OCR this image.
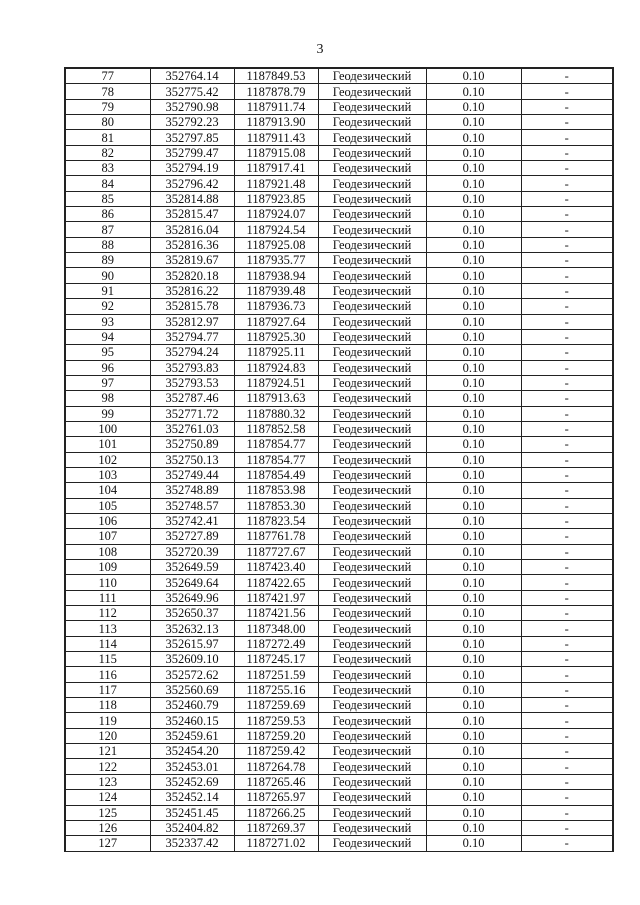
3
77	352764.14	1187849.53	Геодезический	0.10	-
78	352775.42	1187878.79	Геодезический	0.10	-
79	352790.98	1187911.74	Геодезический	0.10	-
80	352792.23	1187913.90	Геодезический	0.10	-
81	352797.85	1187911.43	Геодезический	0.10	-
82	352799.47	1187915.08	Геодезический	0.10	-
83	352794.19	1187917.41	Геодезический	0.10	-
84	352796.42	1187921.48	Геодезический	0.10	-
85	352814.88	1187923.85	Геодезический	0.10	-
86	352815.47	1187924.07	Геодезический	0.10	-
87	352816.04	1187924.54	Геодезический	0.10	-
88	352816.36	1187925.08	Геодезический	0.10	-
89	352819.67	1187935.77	Геодезический	0.10	-
90	352820.18	1187938.94	Геодезический	0.10	-
91	352816.22	1187939.48	Геодезический	0.10	-
92	352815.78	1187936.73	Геодезический	0.10	-
93	352812.97	1187927.64	Геодезический	0.10	-
94	352794.77	1187925.30	Геодезический	0.10	-
95	352794.24	1187925.11	Геодезический	0.10	-
96	352793.83	1187924.83	Геодезический	0.10	-
97	352793.53	1187924.51	Геодезический	0.10	-
98	352787.46	1187913.63	Геодезический	0.10	-
99	352771.72	1187880.32	Геодезический	0.10	-
100	352761.03	1187852.58	Геодезический	0.10	-
101	352750.89	1187854.77	Геодезический	0.10	-
102	352750.13	1187854.77	Геодезический	0.10	-
103	352749.44	1187854.49	Геодезический	0.10	-
104	352748.89	1187853.98	Геодезический	0.10	-
105	352748.57	1187853.30	Геодезический	0.10	-
106	352742.41	1187823.54	Геодезический	0.10	-
107	352727.89	1187761.78	Геодезический	0.10	-
108	352720.39	1187727.67	Геодезический	0.10	-
109	352649.59	1187423.40	Геодезический	0.10	-
110	352649.64	1187422.65	Геодезический	0.10	-
111	352649.96	1187421.97	Геодезический	0.10	-
112	352650.37	1187421.56	Геодезический	0.10	-
113	352632.13	1187348.00	Геодезический	0.10	-
114	352615.97	1187272.49	Геодезический	0.10	-
115	352609.10	1187245.17	Геодезический	0.10	-
116	352572.62	1187251.59	Геодезический	0.10	-
117	352560.69	1187255.16	Геодезический	0.10	-
118	352460.79	1187259.69	Геодезический	0.10	-
119	352460.15	1187259.53	Геодезический	0.10	-
120	352459.61	1187259.20	Геодезический	0.10	-
121	352454.20	1187259.42	Геодезический	0.10	-
122	352453.01	1187264.78	Геодезический	0.10	-
123	352452.69	1187265.46	Геодезический	0.10	-
124	352452.14	1187265.97	Геодезический	0.10	-
125	352451.45	1187266.25	Геодезический	0.10	-
126	352404.82	1187269.37	Геодезический	0.10	-
127	352337.42	1187271.02	Геодезический	0.10	-
